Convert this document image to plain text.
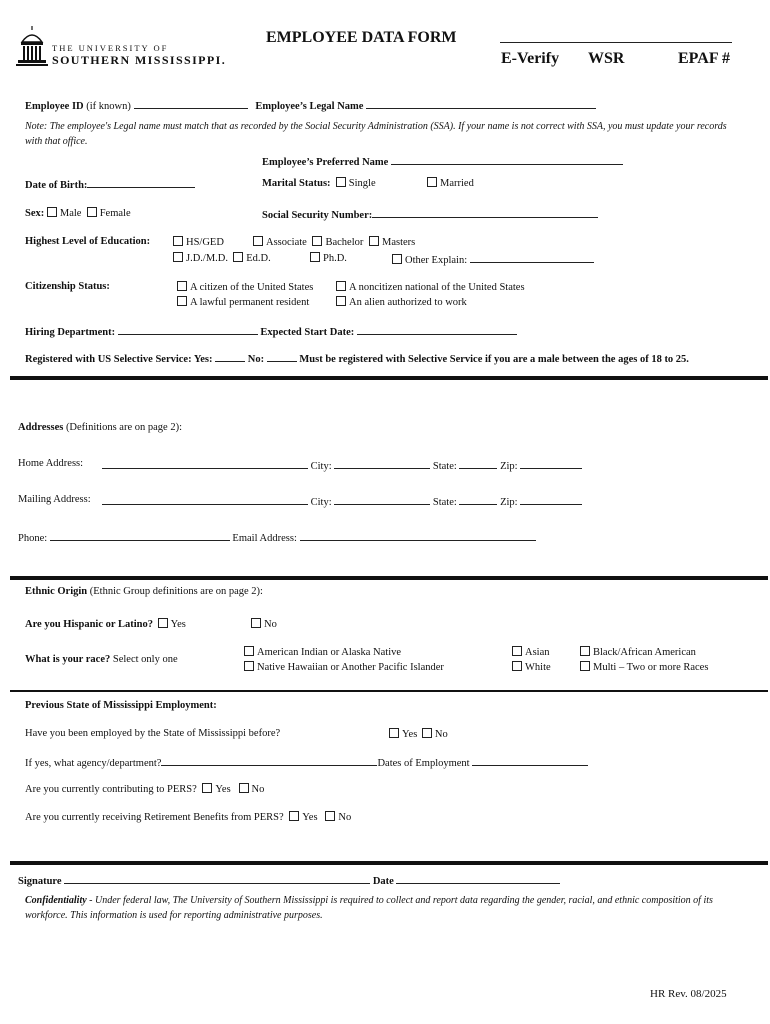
THE UNIVERSITY OF
SOUTHERN MISSISSIPPI.
EMPLOYEE DATA FORM
E-Verify WSR	EPAF #
Employee ID (if known)	Employee’s Legal Name
Note: The employee's Legal name must match that as recorded by the Social Security Administration (SSA). If your name is not correct with SSA, you must update your records with that office.
Employee’s Preferred Name
Date of Birth:	Marital Status: Single	Married
Sex: Male Female	Social Security Number:
Highest Level of Education:	HS/GED	Associate Bachelor Masters
J.D./M.D. Ed.D.	Ph.D.	Other Explain:
Citizenship Status:	A citizen of the United States	A noncitizen national of the United States
A lawful permanent resident	An alien authorized to work
Hiring Department:	Expected Start Date:
Registered with US Selective Service: Yes:	No:	Must be registered with Selective Service if you are a male between the ages of 18 to 25.
Addresses (Definitions are on page 2):
Home Address:	City:	State:	Zip:
Mailing Address:	City:	State:	Zip:
Phone:	Email Address:
Ethnic Origin (Ethnic Group definitions are on page 2):
Are you Hispanic or Latino? Yes	No
What is your race? Select only one
American Indian or Alaska Native
Native Hawaiian or Another Pacific Islander
Asian
White
Black/African American
Multi – Two or more Races
Previous State of Mississippi Employment:
Have you been employed by the State of Mississippi before?	Yes No
If yes, what agency/department?	Dates of Employment
Are you currently contributing to PERS? Yes No
Are you currently receiving Retirement Benefits from PERS? Yes No
Signature	Date
Confidentiality - Under federal law, The University of Southern Mississippi is required to collect and report data regarding the gender, racial, and ethnic composition of its workforce. This information is used for reporting administrative purposes.
HR Rev. 08/2025
